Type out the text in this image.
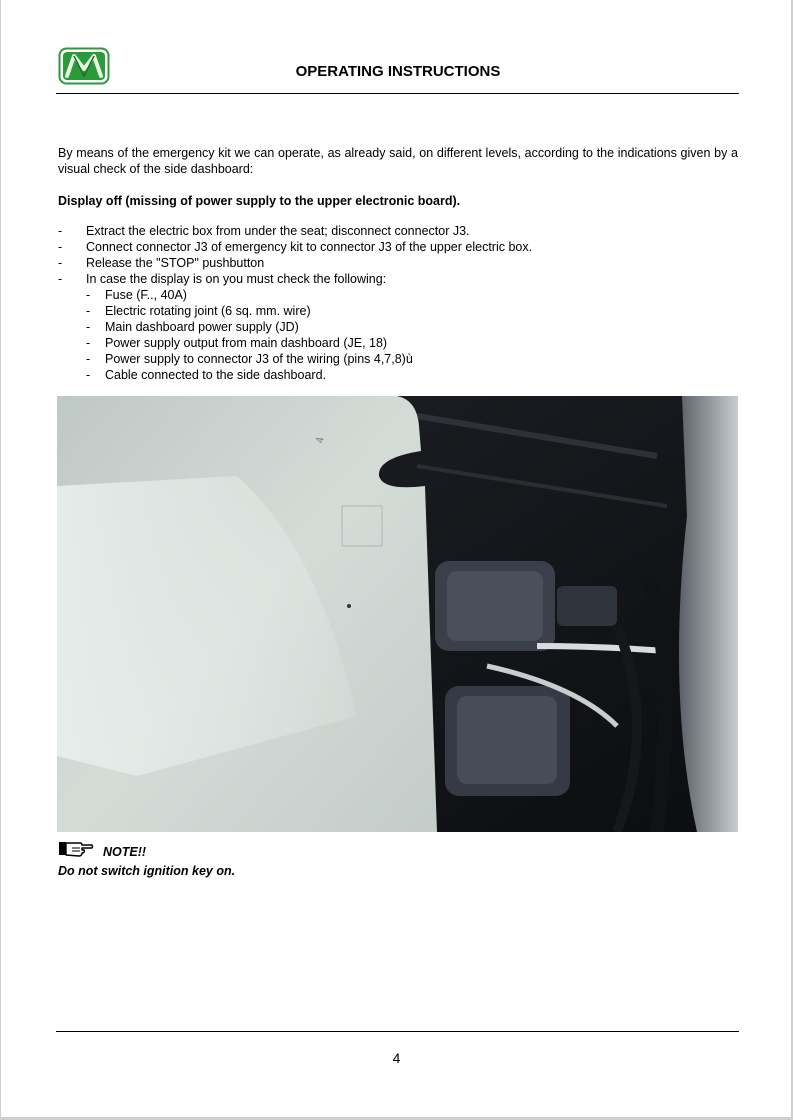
OPERATING INSTRUCTIONS
By means of the emergency kit we can operate, as already said, on different levels, according to the indications given by a visual check of the side dashboard:
Display off (missing of power supply to the upper electronic board).
- Extract the electric box from under the seat; disconnect connector J3.
- Connect connector J3 of emergency kit to connector J3 of the upper electric box.
- Release the "STOP" pushbutton
- In case the display is on you must check the following:
- Fuse (F.., 40A)
- Electric rotating joint (6 sq. mm. wire)
- Main dashboard power supply (JD)
- Power supply output from main dashboard (JE, 18)
- Power supply to connector J3 of the wiring (pins 4,7,8)ù
- Cable connected to the side dashboard.
4
NOTE!!
Do not switch ignition key on.
4
